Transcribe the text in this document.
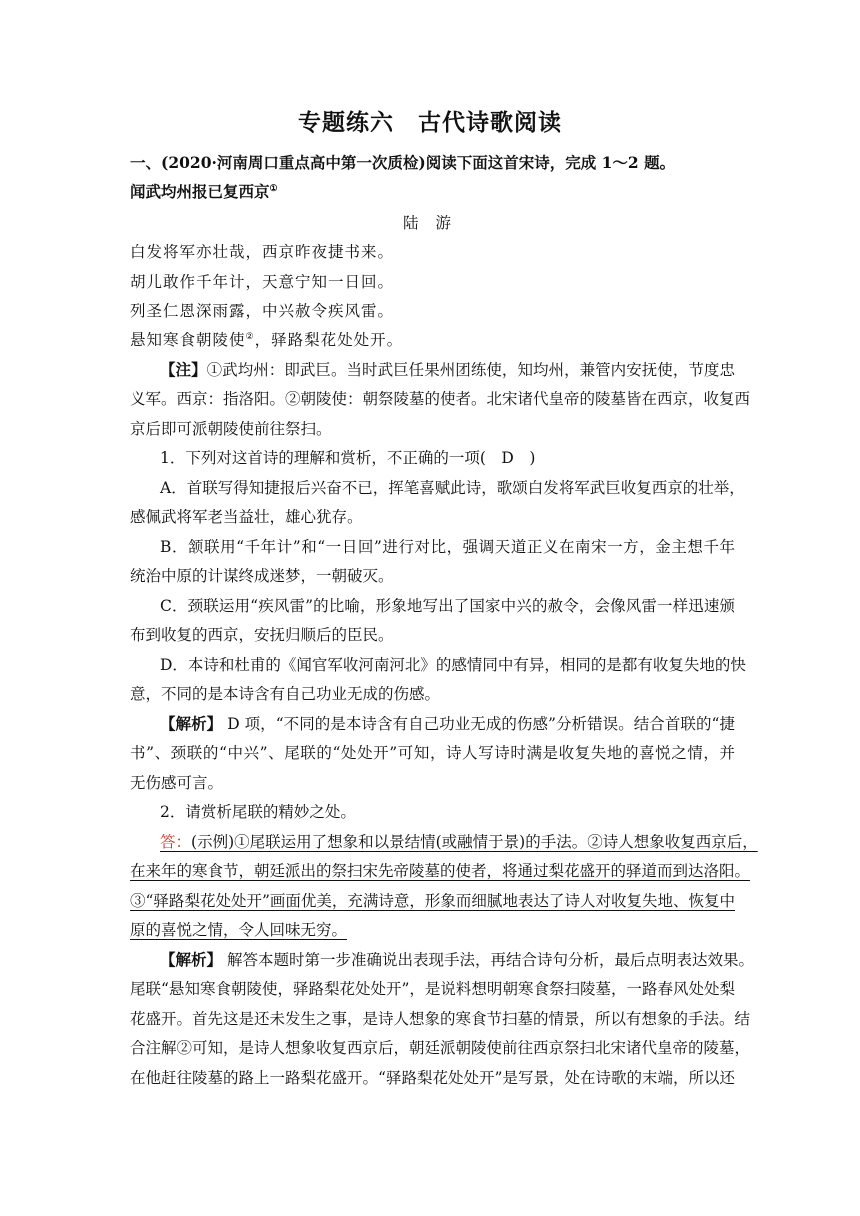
专题练六　古代诗歌阅读
一、(2020·河南周口重点高中第一次质检)阅读下面这首宋诗，完成 1～2 题。
闻武均州报已复西京①
陆 游
白发将军亦壮哉，西京昨夜捷书来。
胡儿敢作千年计，天意宁知一日回。
列圣仁恩深雨露，中兴赦令疾风雷。
悬知寒食朝陵使②，驿路梨花处处开。
【注】①武均州：即武巨。当时武巨任果州团练使，知均州，兼管内安抚使，节度忠
义军。西京：指洛阳。②朝陵使：朝祭陵墓的使者。北宋诸代皇帝的陵墓皆在西京，收复西
京后即可派朝陵使前往祭扫。
1．下列对这首诗的理解和赏析，不正确的一项(　D　)
A．首联写得知捷报后兴奋不已，挥笔喜赋此诗，歌颂白发将军武巨收复西京的壮举，
感佩武将军老当益壮，雄心犹存。
B．颔联用“千年计”和“一日回”进行对比，强调天道正义在南宋一方，金主想千年
统治中原的计谋终成迷梦，一朝破灭。
C．颈联运用“疾风雷”的比喻，形象地写出了国家中兴的赦令，会像风雷一样迅速颁
布到收复的西京，安抚归顺后的臣民。
D．本诗和杜甫的《闻官军收河南河北》的感情同中有异，相同的是都有收复失地的快
意，不同的是本诗含有自己功业无成的伤感。
【解析】 D 项，“不同的是本诗含有自己功业无成的伤感”分析错误。结合首联的“捷
书”、颈联的“中兴”、尾联的“处处开”可知，诗人写诗时满是收复失地的喜悦之情，并
无伤感可言。
2．请赏析尾联的精妙之处。
答：(示例)①尾联运用了想象和以景结情(或融情于景)的手法。②诗人想象收复西京后，
在来年的寒食节，朝廷派出的祭扫宋先帝陵墓的使者，将通过梨花盛开的驿道而到达洛阳。
③“驿路梨花处处开”画面优美，充满诗意，形象而细腻地表达了诗人对收复失地、恢复中
原的喜悦之情，令人回味无穷。
【解析】 解答本题时第一步准确说出表现手法，再结合诗句分析，最后点明表达效果。
尾联“悬知寒食朝陵使，驿路梨花处处开”，是说料想明朝寒食祭扫陵墓，一路春风处处梨
花盛开。首先这是还未发生之事，是诗人想象的寒食节扫墓的情景，所以有想象的手法。结
合注解②可知，是诗人想象收复西京后，朝廷派朝陵使前往西京祭扫北宋诸代皇帝的陵墓，
在他赶往陵墓的路上一路梨花盛开。“驿路梨花处处开”是写景，处在诗歌的末端，所以还
